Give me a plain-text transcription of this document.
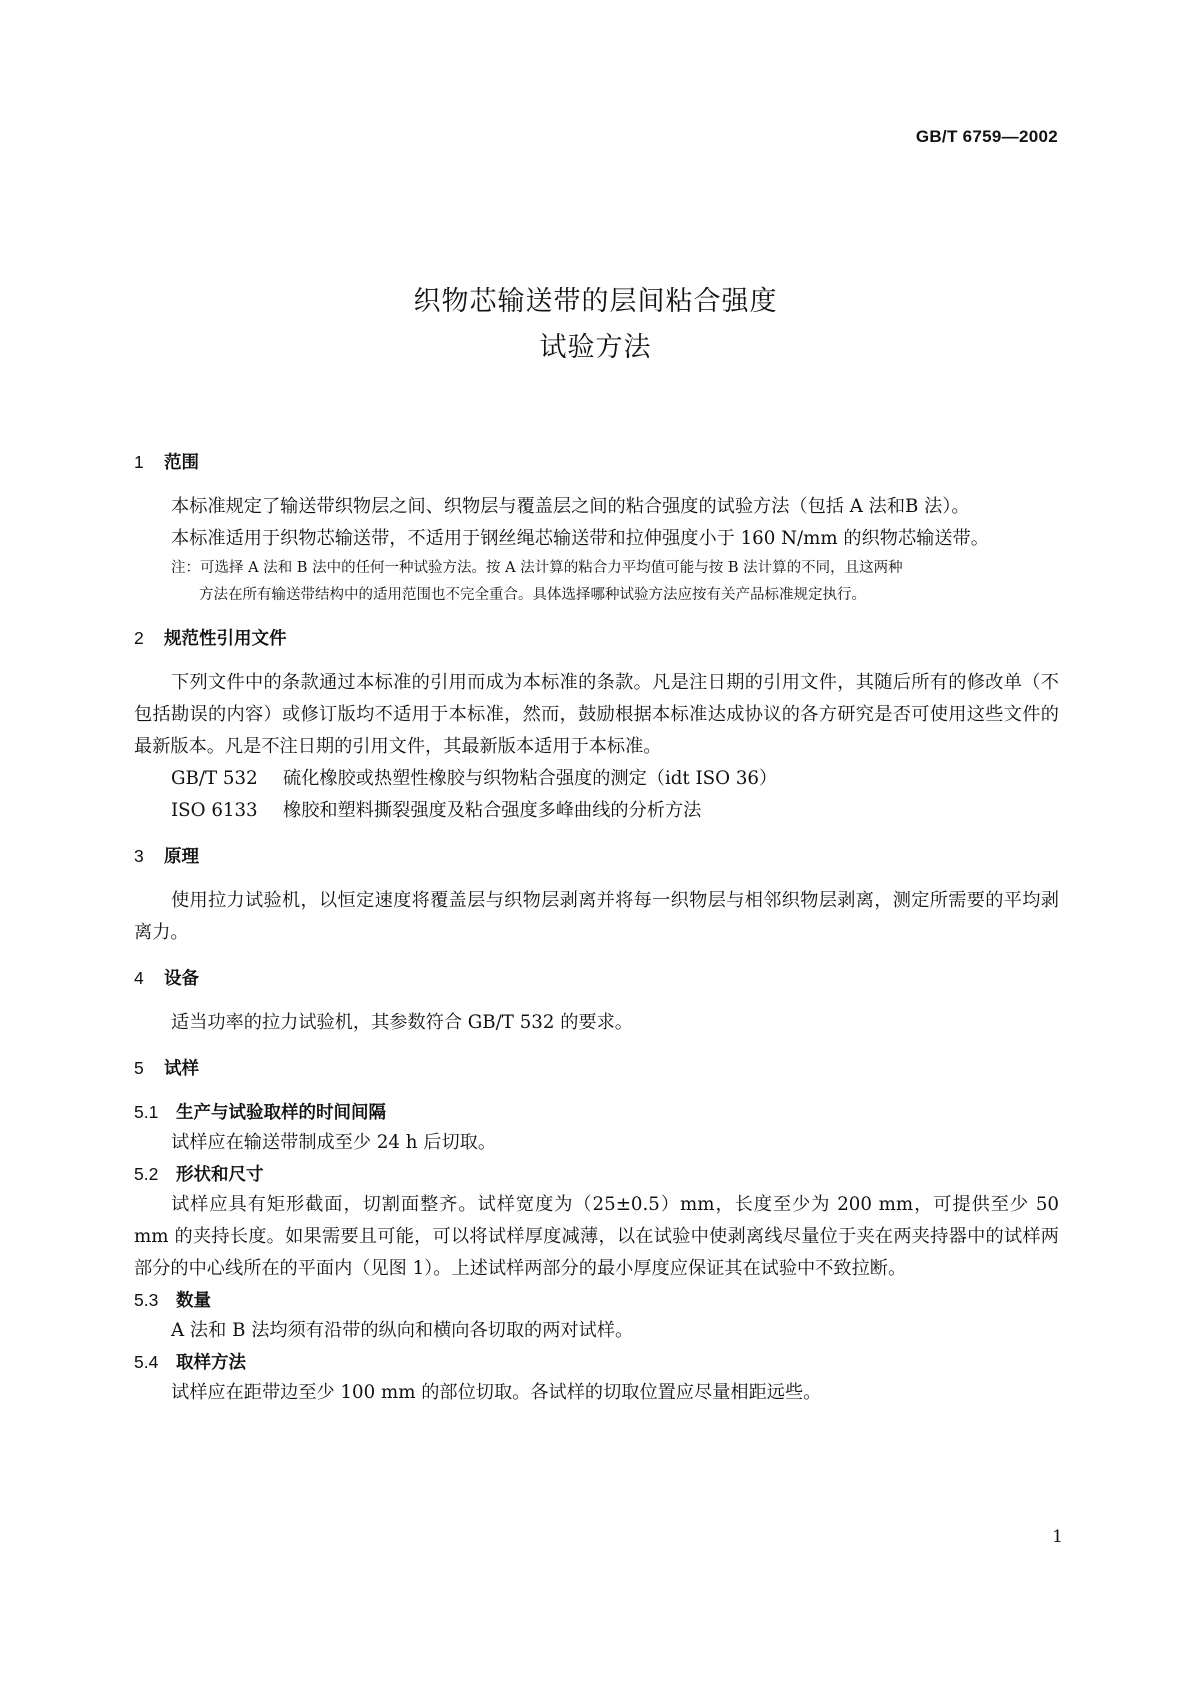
GB/T 6759—2002
织物芯输送带的层间粘合强度
试验方法
1 范围

本标准规定了输送带织物层之间、织物层与覆盖层之间的粘合强度的试验方法（包括 A 法和B 法）。

本标准适用于织物芯输送带，不适用于钢丝绳芯输送带和拉伸强度小于 160 N/mm 的织物芯输送带。

注：可选择 A 法和 B 法中的任何一种试验方法。按 A 法计算的粘合力平均值可能与按 B 法计算的不同，且这两种
方法在所有输送带结构中的适用范围也不完全重合。具体选择哪种试验方法应按有关产品标准规定执行。
2 规范性引用文件

下列文件中的条款通过本标准的引用而成为本标准的条款。凡是注日期的引用文件，其随后所有的修改单（不包括勘误的内容）或修订版均不适用于本标准，然而，鼓励根据本标准达成协议的各方研究是否可使用这些文件的最新版本。凡是不注日期的引用文件，其最新版本适用于本标准。

GB/T 532 硫化橡胶或热塑性橡胶与织物粘合强度的测定（idt ISO 36）
ISO 6133 橡胶和塑料撕裂强度及粘合强度多峰曲线的分析方法
3 原理

使用拉力试验机，以恒定速度将覆盖层与织物层剥离并将每一织物层与相邻织物层剥离，测定所需要的平均剥离力。

4 设备

适当功率的拉力试验机，其参数符合 GB/T 532 的要求。

5 试样
5.1 生产与试验取样的时间间隔

试样应在输送带制成至少 24 h 后切取。

5.2 形状和尺寸

试样应具有矩形截面，切割面整齐。试样宽度为（25±0.5）mm，长度至少为 200 mm，可提供至少 50 mm 的夹持长度。如果需要且可能，可以将试样厚度减薄，以在试验中使剥离线尽量位于夹在两夹持器中的试样两部分的中心线所在的平面内（见图 1）。上述试样两部分的最小厚度应保证其在试验中不致拉断。

5.3 数量

A 法和 B 法均须有沿带的纵向和横向各切取的两对试样。

5.4 取样方法

试样应在距带边至少 100 mm 的部位切取。各试样的切取位置应尽量相距远些。

1
